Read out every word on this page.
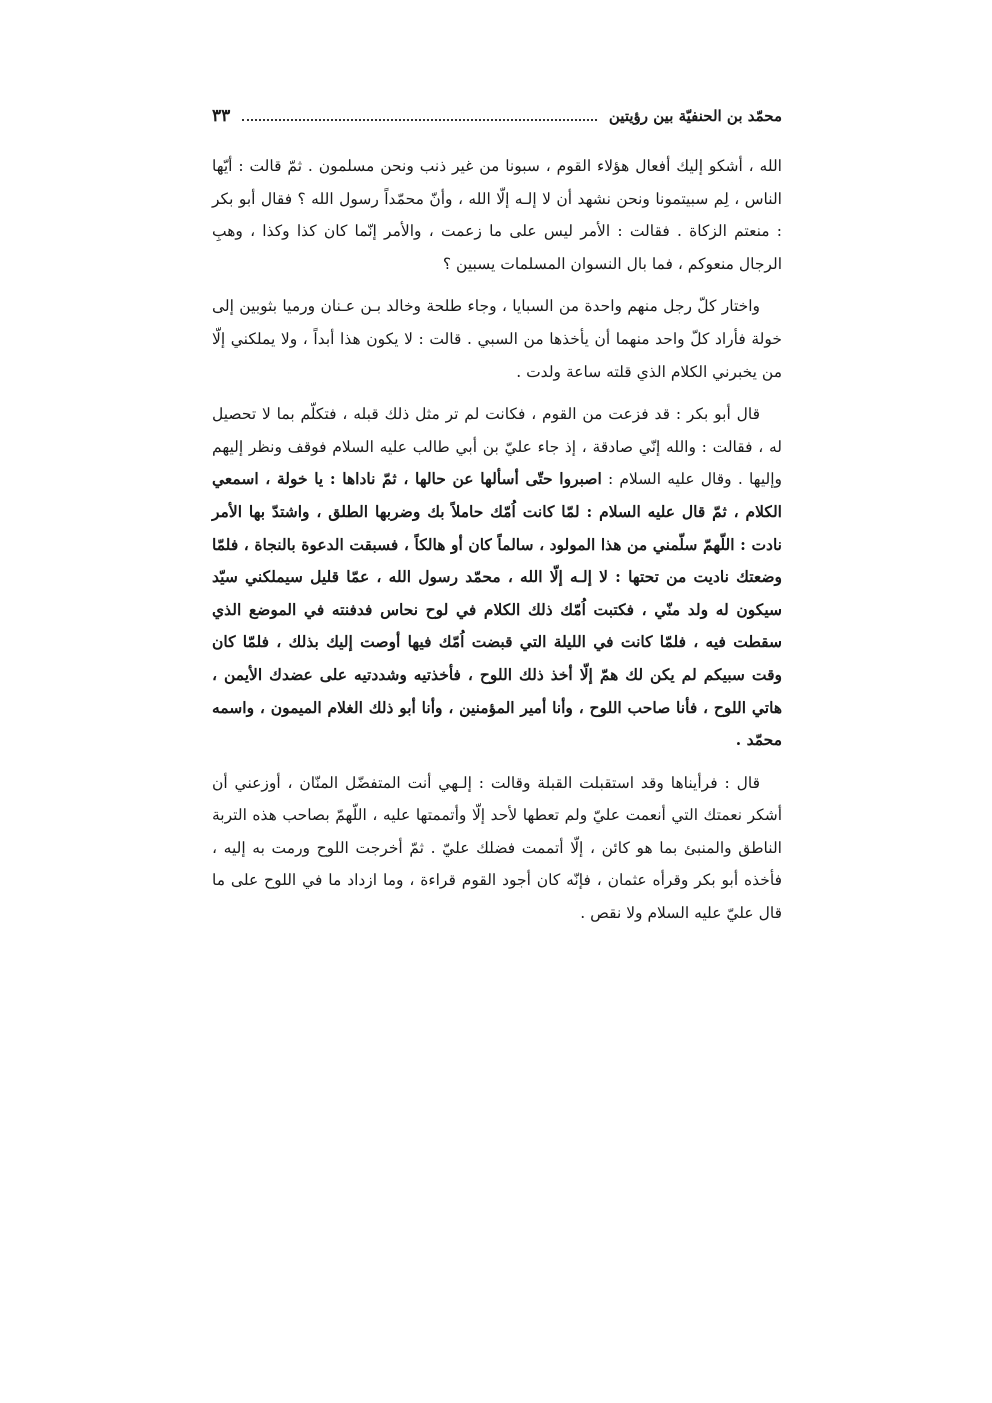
محمّد بن الحنفيّة بين رؤيتين
٣٣

الله ، أشكو إليك أفعال هؤلاء القوم ، سبونا من غير ذنب ونحن مسلمون . ثمّ قالت : أيّها الناس ، لِم سبيتمونا ونحن نشهد أن لا إلـه إلّا الله ، وأنّ محمّداً رسول الله ؟ فقال أبو بكر : منعتم الزكاة . فقالت : الأمر ليس على ما زعمت ، والأمر إنّما كان كذا وكذا ، وهبِ الرجال منعوكم ، فما بال النسوان المسلمات يسبين ؟

واختار كلّ رجل منهم واحدة من السبايا ، وجاء طلحة وخالد بـن عـنان ورميا بثوبين إلى خولة فأراد كلّ واحد منهما أن يأخذها من السبي . قالت : لا يكون هذا أبداً ، ولا يملكني إلّا من يخبرني الكلام الذي قلته ساعة ولدت .

قال أبو بكر : قد فزعت من القوم ، فكانت لم تر مثل ذلك قبله ، فتكلّم بما لا تحصيل له ، فقالت : والله إنّي صادقة ، إذ جاء عليّ بن أبي طالب عليه السلام فوقف ونظر إليهم وإليها . وقال عليه السلام : اصبروا حتّى أسألها عن حالها ، ثمّ ناداها : يا خولة ، اسمعي الكلام ، ثمّ قال عليه السلام : لمّا كانت اُمّك حاملاً بك وضربها الطلق ، واشتدّ بها الأمر نادت : اللّهمّ سلّمني من هذا المولود ، سالماً كان أو هالكاً ، فسبقت الدعوة بالنجاة ، فلمّا وضعتك ناديت من تحتها : لا إلـه إلّا الله ، محمّد رسول الله ، عمّا قليل سيملكني سيّد سيكون له ولد منّي ، فكتبت اُمّك ذلك الكلام في لوح نحاس فدفنته في الموضع الذي سقطت فيه ، فلمّا كانت في الليلة التي قبضت اُمّك فيها أوصت إليك بذلك ، فلمّا كان وقت سبيكم لم يكن لك همّ إلّا أخذ ذلك اللوح ، فأخذتيه وشددتيه على عضدك الأيمن ، هاتي اللوح ، فأنا صاحب اللوح ، وأنا أمير المؤمنين ، وأنا أبو ذلك الغلام الميمون ، واسمه محمّد .

قال : فرأيناها وقد استقبلت القبلة وقالت : إلـهي أنت المتفضّل المنّان ، أوزعني أن أشكر نعمتك التي أنعمت عليّ ولم تعطها لأحد إلّا وأتممتها عليه ، اللّهمّ بصاحب هذه التربة الناطق والمنبئ بما هو كائن ، إلّا أتممت فضلك عليّ . ثمّ أخرجت اللوح ورمت به إليه ، فأخذه أبو بكر وقرأه عثمان ، فإنّه كان أجود القوم قراءة ، وما ازداد ما في اللوح على ما قال عليّ عليه السلام ولا نقص .
